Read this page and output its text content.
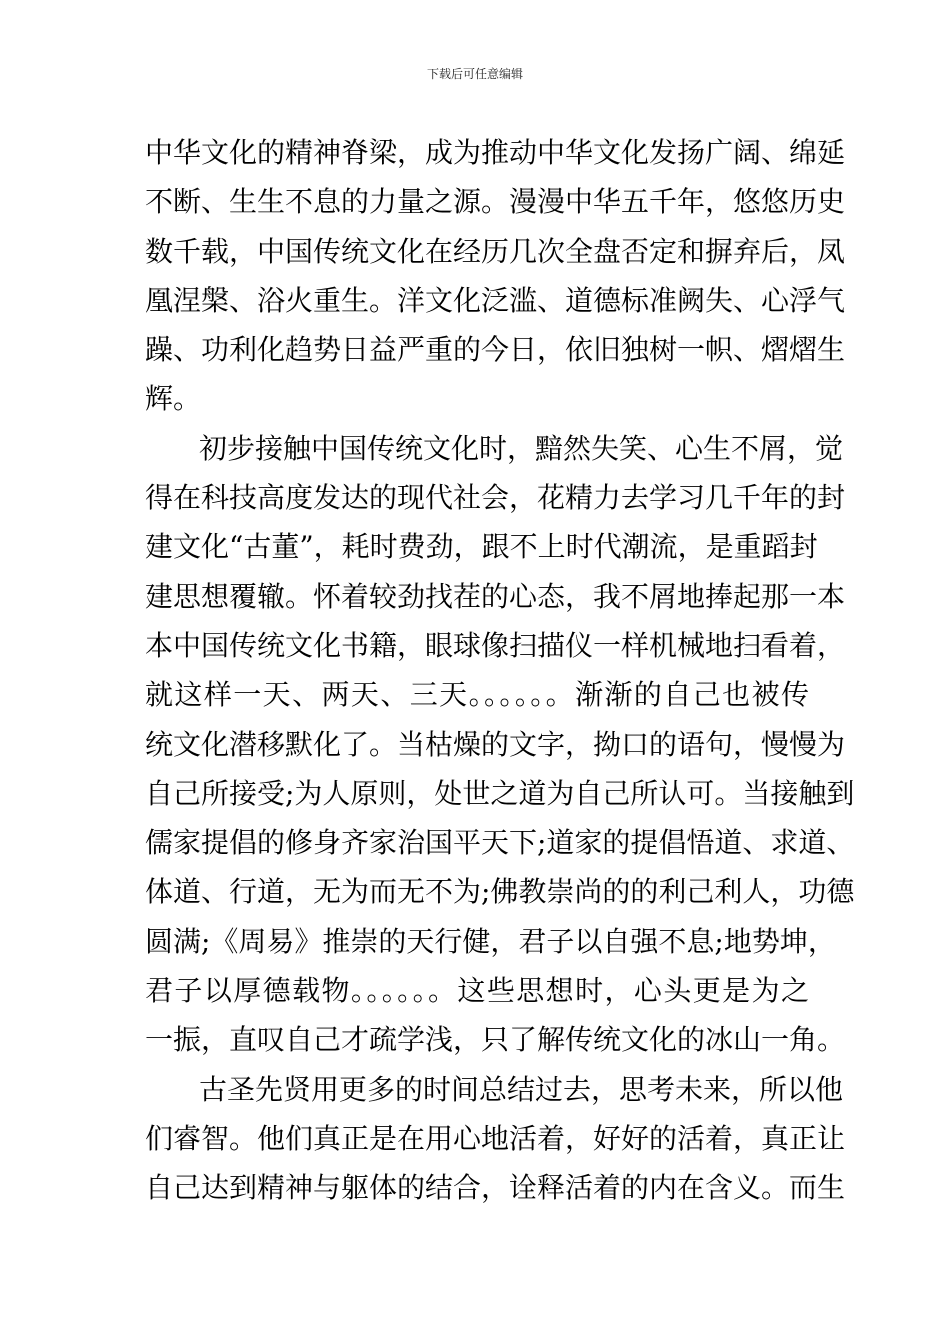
下载后可任意编辑
中华文化的精神脊梁，成为推动中华文化发扬广阔、绵延
不断、生生不息的力量之源。漫漫中华五千年，悠悠历史
数千载，中国传统文化在经历几次全盘否定和摒弃后，凤
凰涅槃、浴火重生。洋文化泛滥、道德标准阙失、心浮气
躁、功利化趋势日益严重的今日，依旧独树一帜、熠熠生
辉。
初步接触中国传统文化时，黯然失笑、心生不屑，觉
得在科技高度发达的现代社会，花精力去学习几千年的封
建文化“古董”，耗时费劲，跟不上时代潮流，是重蹈封
建思想覆辙。怀着较劲找茬的心态，我不屑地捧起那一本
本中国传统文化书籍，眼球像扫描仪一样机械地扫看着，
就这样一天、两天、三天。。。。。。渐渐的自己也被传
统文化潜移默化了。当枯燥的文字，拗口的语句，慢慢为
自己所接受;为人原则，处世之道为自己所认可。当接触到
儒家提倡的修身齐家治国平天下;道家的提倡悟道、求道、
体道、行道，无为而无不为;佛教崇尚的的利己利人，功德
圆满;《周易》推崇的天行健，君子以自强不息;地势坤，
君子以厚德载物。。。。。。这些思想时，心头更是为之
一振，直叹自己才疏学浅，只了解传统文化的冰山一角。
古圣先贤用更多的时间总结过去，思考未来，所以他
们睿智。他们真正是在用心地活着，好好的活着，真正让
自己达到精神与躯体的结合，诠释活着的内在含义。而生
